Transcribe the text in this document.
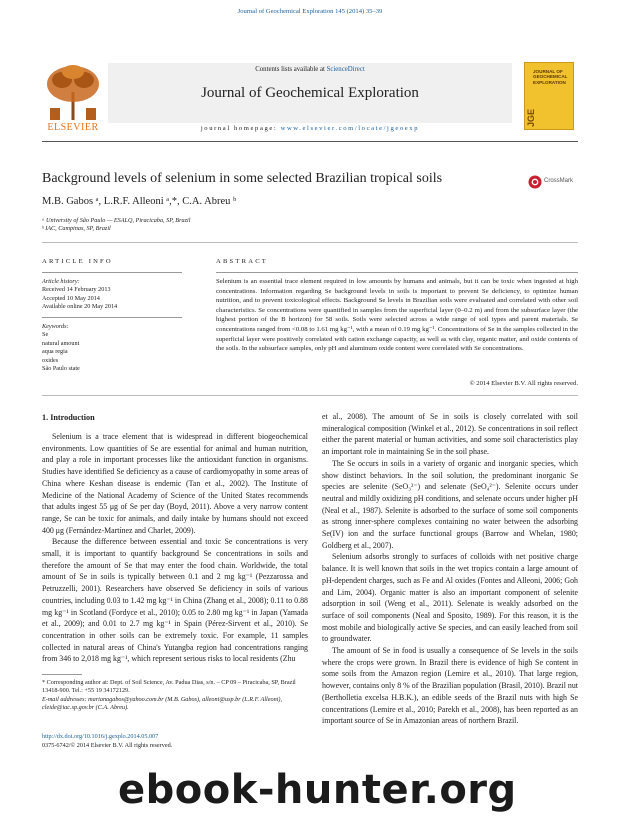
Journal of Geochemical Exploration 145 (2014) 35–39
Contents lists available at ScienceDirect
Journal of Geochemical Exploration
journal homepage: www.elsevier.com/locate/jgeoexp
ELSEVIER
JOURNAL OF GEOCHEMICAL EXPLORATION
JGE
Background levels of selenium in some selected Brazilian tropical soils	CrossMark
M.B. Gabos ᵃ, L.R.F. Alleoni ᵃ,*, C.A. Abreu ᵇ
ᵃ University of São Paulo — ESALQ, Piracicaba, SP, Brazil
ᵇ IAC, Campinas, SP, Brazil
ARTICLE INFO
Article history:
Received 14 February 2013
Accepted 10 May 2014
Available online 20 May 2014
Keywords:
Se
natural amount
aqua regia
oxides
São Paulo state
ABSTRACT
Selenium is an essential trace element required in low amounts by humans and animals, but it can be toxic when ingested at high concentrations. Information regarding Se background levels in soils is important to prevent Se deficiency, to optimize human nutrition, and to prevent toxicological effects. Background Se levels in Brazilian soils were evaluated and correlated with other soil characteristics. Se concentrations were quantified in samples from the superficial layer (0–0.2 m) and from the subsurface layer (the highest portion of the B horizon) for 58 soils. Soils were selected across a wide range of soil types and parent materials. Se concentrations ranged from <0.08 to 1.61 mg kg⁻¹, with a mean of 0.19 mg kg⁻¹. Concentrations of Se in the samples collected in the superficial layer were positively correlated with cation exchange capacity, as well as with clay, organic matter, and oxide contents of the soils. In the subsurface samples, only pH and aluminum oxide content were correlated with Se concentrations.
© 2014 Elsevier B.V. All rights reserved.
1. Introduction

Selenium is a trace element that is widespread in different biogeochemical environments. Low quantities of Se are essential for animal and human nutrition, and play a role in important processes like the antioxidant function in organisms. Studies have identified Se deficiency as a cause of cardiomyopathy in some areas of China where Keshan disease is endemic (Tan et al., 2002). The Institute of Medicine of the National Academy of Science of the United States recommends that adults ingest 55 μg of Se per day (Boyd, 2011). Above a very narrow content range, Se can be toxic for animals, and daily intake by humans should not exceed 400 μg (Fernández-Martínez and Charlet, 2009).

Because the difference between essential and toxic Se concentrations is very small, it is important to quantify background Se concentrations in soils and therefore the amount of Se that may enter the food chain. Worldwide, the total amount of Se in soils is typically between 0.1 and 2 mg kg⁻¹ (Pezzarossa and Petruzzelli, 2001). Researchers have observed Se deficiency in soils of various countries, including 0.03 to 1.42 mg kg⁻¹ in China (Zhang et al., 2008); 0.11 to 0.88 mg kg⁻¹ in Scotland (Fordyce et al., 2010); 0.05 to 2.80 mg kg⁻¹ in Japan (Yamada et al., 2009); and 0.01 to 2.7 mg kg⁻¹ in Spain (Pérez-Sirvent et al., 2010). Se concentration in other soils can be extremely toxic. For example, 11 samples collected in natural areas of China's Yutangba region had concentrations ranging from 346 to 2,018 mg kg⁻¹, which represent serious risks to local residents (Zhu

et al., 2008). The amount of Se in soils is closely correlated with soil mineralogical composition (Winkel et al., 2012). Se concentrations in soil reflect either the parent material or human activities, and some soil characteristics play an important role in maintaining Se in the soil phase.

The Se occurs in soils in a variety of organic and inorganic species, which show distinct behaviors. In the soil solution, the predominant inorganic Se species are selenite (SeO₃²⁻) and selenate (SeO₄²⁻). Selenite occurs under neutral and mildly oxidizing pH conditions, and selenate occurs under higher pH (Neal et al., 1987). Selenite is adsorbed to the surface of some soil components as strong inner-sphere complexes containing no water between the adsorbing Se(IV) ion and the surface functional groups (Barrow and Whelan, 1980; Goldberg et al., 2007).

Selenium adsorbs strongly to surfaces of colloids with net positive charge balance. It is well known that soils in the wet tropics contain a large amount of pH-dependent charges, such as Fe and Al oxides (Fontes and Alleoni, 2006; Goh and Lim, 2004). Organic matter is also an important component of selenite adsorption in soil (Weng et al., 2011). Selenate is weakly adsorbed on the surface of soil components (Neal and Sposito, 1989). For this reason, it is the most mobile and biologically active Se species, and can easily leached from soil to groundwater.

The amount of Se in food is usually a consequence of Se levels in the soils where the crops were grown. In Brazil there is evidence of high Se content in some soils from the Amazon region (Lemire et al., 2010). That large region, however, contains only 8 % of the Brazilian population (Brasil, 2010). Brazil nut (Bertholletia excelsa H.B.K.), an edible seeds of the Brazil nuts with high Se concentrations (Lemire et al., 2010; Parekh et al., 2008), has been reported as an important source of Se in Amazonian areas of northern Brazil.

* Corresponding author at: Dept. of Soil Science, Av. Padua Dias, s/n. – CP 09 – Piracicaba, SP, Brazil 13418-900. Tel.: +55 19 34172129.
E-mail addresses: marianagabos@yahoo.com.br (M.B. Gabos), alleoni@usp.br (L.R.F. Alleoni), cleide@iac.sp.gov.br (C.A. Abreu).
http://dx.doi.org/10.1016/j.gexplo.2014.05.007
0375-6742/© 2014 Elsevier B.V. All rights reserved.
ebook-hunter.org
